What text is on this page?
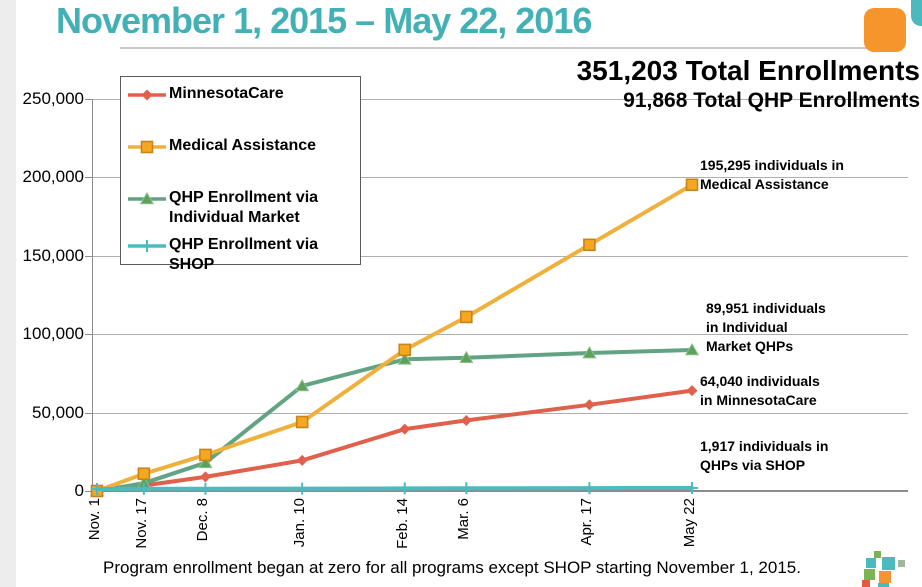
November 1, 2015 – May 22, 2016
351,203 Total Enrollments
91,868 Total QHP Enrollments
250,000
200,000
150,000
100,000
50,000
0
Nov. 1 Nov. 17	Dec. 8	Jan. 10	Feb. 14	Mar. 6	Apr. 17	May 22
MinnesotaCare
Medical Assistance
QHP Enrollment via
Individual Market
QHP Enrollment via
SHOP
195,295 individuals in
Medical Assistance
89,951 individuals
in Individual
Market QHPs
64,040 individuals
in MinnesotaCare
1,917 individuals in
QHPs via SHOP
Program enrollment began at zero for all programs except SHOP starting November 1, 2015.
